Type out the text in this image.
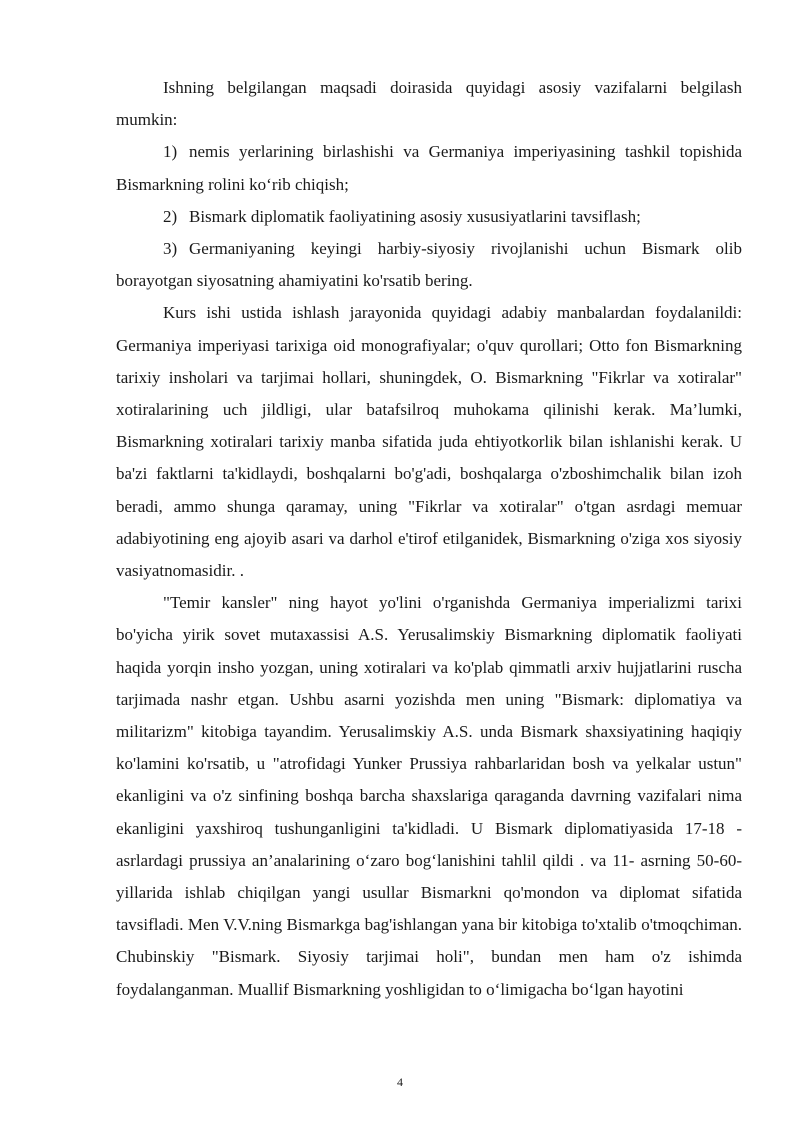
Ishning belgilangan maqsadi doirasida quyidagi asosiy vazifalarni belgilash mumkin:

1) nemis yerlarining birlashishi va Germaniya imperiyasining tashkil topishida Bismarkning rolini koʻrib chiqish;

2) Bismark diplomatik faoliyatining asosiy xususiyatlarini tavsiflash;

3) Germaniyaning keyingi harbiy-siyosiy rivojlanishi uchun Bismark olib borayotgan siyosatning ahamiyatini ko'rsatib bering.

Kurs ishi ustida ishlash jarayonida quyidagi adabiy manbalardan foydalanildi: Germaniya imperiyasi tarixiga oid monografiyalar; o'quv qurollari; Otto fon Bismarkning tarixiy insholari va tarjimai hollari, shuningdek, O. Bismarkning "Fikrlar va xotiralar" xotiralarining uch jildligi, ular batafsilroq muhokama qilinishi kerak. Ma’lumki, Bismarkning xotiralari tarixiy manba sifatida juda ehtiyotkorlik bilan ishlanishi kerak. U ba'zi faktlarni ta'kidlaydi, boshqalarni bo'g'adi, boshqalarga o'zboshimchalik bilan izoh beradi, ammo shunga qaramay, uning "Fikrlar va xotiralar" o'tgan asrdagi memuar adabiyotining eng ajoyib asari va darhol e'tirof etilganidek, Bismarkning o'ziga xos siyosiy vasiyatnomasidir. .

"Temir kansler" ning hayot yo'lini o'rganishda Germaniya imperializmi tarixi bo'yicha yirik sovet mutaxassisi A.S. Yerusalimskiy Bismarkning diplomatik faoliyati haqida yorqin insho yozgan, uning xotiralari va ko'plab qimmatli arxiv hujjatlarini ruscha tarjimada nashr etgan. Ushbu asarni yozishda men uning "Bismark: diplomatiya va militarizm" kitobiga tayandim. Yerusalimskiy A.S. unda Bismark shaxsiyatining haqiqiy ko'lamini ko'rsatib, u "atrofidagi Yunker Prussiya rahbarlaridan bosh va yelkalar ustun" ekanligini va o'z sinfining boshqa barcha shaxslariga qaraganda davrning vazifalari nima ekanligini yaxshiroq tushunganligini ta'kidladi. U Bismark diplomatiyasida 17-18 - asrlardagi prussiya an’analarining oʻzaro bogʻlanishini tahlil qildi . va 11- asrning 50-60-yillarida ishlab chiqilgan yangi usullar Bismarkni qo'mondon va diplomat sifatida tavsifladi. Men V.V.ning Bismarkga bag'ishlangan yana bir kitobiga to'xtalib o'tmoqchiman. Chubinskiy "Bismark. Siyosiy tarjimai holi", bundan men ham o'z ishimda foydalanganman. Muallif Bismarkning yoshligidan to oʻlimigacha boʻlgan hayotini

4
